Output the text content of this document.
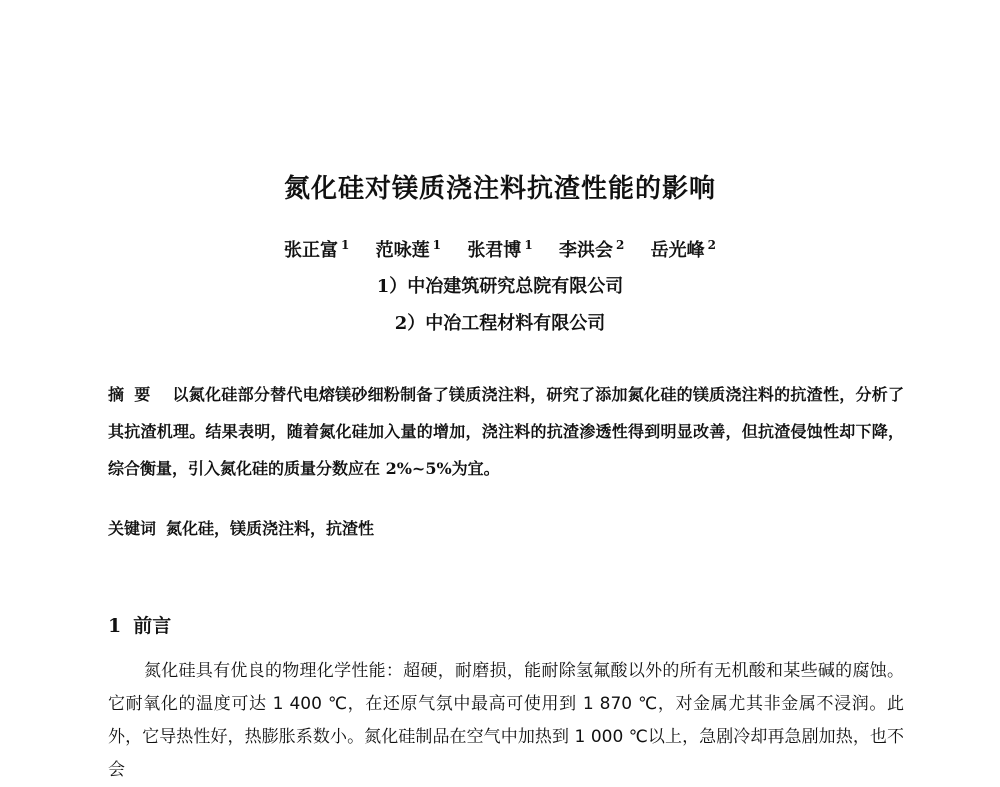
氮化硅对镁质浇注料抗渣性能的影响
张正富 $^1$ 范咏莲 $^1$ 张君博 $^1$ 李洪会 $^2$ 岳光峰 $^2$
1）中冶建筑研究总院有限公司
2）中冶工程材料有限公司
摘要 以氮化硅部分替代电熔镁砂细粉制备了镁质浇注料，研究了添加氮化硅的镁质浇注料的抗渣性，分析了其抗渣机理。结果表明，随着氮化硅加入量的增加，浇注料的抗渣渗透性得到明显改善，但抗渣侵蚀性却下降，综合衡量，引入氮化硅的质量分数应在 2%~5%为宜。
关键词 氮化硅，镁质浇注料，抗渣性
1 前言
氮化硅具有优良的物理化学性能：超硬，耐磨损，能耐除氢氟酸以外的所有无机酸和某些碱的腐蚀。它耐氧化的温度可达 1 400 ℃，在还原气氛中最高可使用到 1 870 ℃，对金属尤其非金属不浸润。此外，它导热性好，热膨胀系数小。氮化硅制品在空气中加热到 1 000 ℃以上，急剧冷却再急剧加热，也不会
